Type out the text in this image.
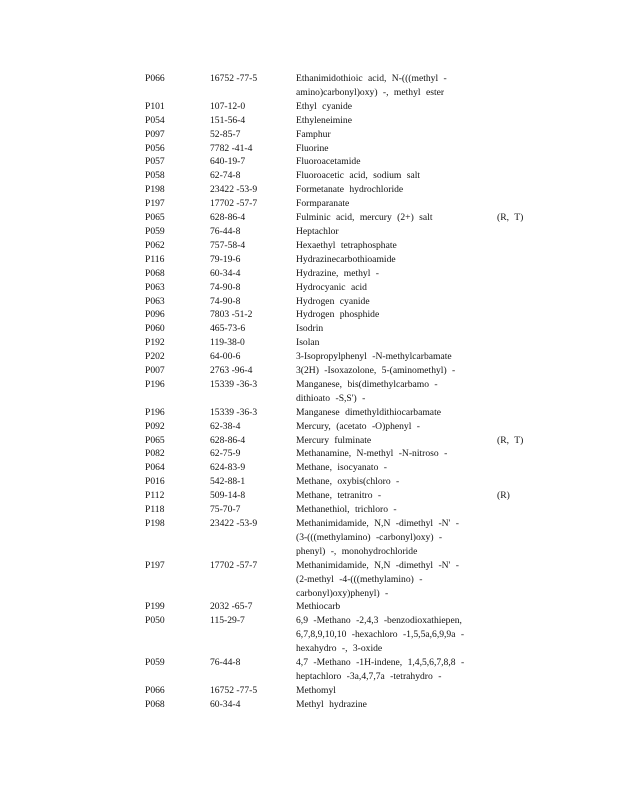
P066	16752 -77-5	Ethanimidothioic acid, N-(((methyl -
amino)carbonyl)oxy) -, methyl ester
P101	107-12-0	Ethyl cyanide
P054	151-56-4	Ethyleneimine
P097	52-85-7	Famphur
P056	7782 -41-4	Fluorine
P057	640-19-7	Fluoroacetamide
P058	62-74-8	Fluoroacetic acid, sodium salt
P198	23422 -53-9	Formetanate hydrochloride
P197	17702 -57-7	Formparanate
P065	628-86-4	Fulminic acid, mercury (2+) salt	(R, T)
P059	76-44-8	Heptachlor
P062	757-58-4	Hexaethyl tetraphosphate
P116	79-19-6	Hydrazinecarbothioamide
P068	60-34-4	Hydrazine, methyl -
P063	74-90-8	Hydrocyanic acid
P063	74-90-8	Hydrogen cyanide
P096	7803 -51-2	Hydrogen phosphide
P060	465-73-6	Isodrin
P192	119-38-0	Isolan
P202	64-00-6	3-Isopropylphenyl -N-methylcarbamate
P007	2763 -96-4	3(2H) -Isoxazolone, 5-(aminomethyl) -
P196	15339 -36-3	Manganese, bis(dimethylcarbamo -
dithioato -S,S') -
P196	15339 -36-3	Manganese dimethyldithiocarbamate
P092	62-38-4	Mercury, (acetato -O)phenyl -
P065	628-86-4	Mercury fulminate	(R, T)
P082	62-75-9	Methanamine, N-methyl -N-nitroso -
P064	624-83-9	Methane, isocyanato -
P016	542-88-1	Methane, oxybis(chloro -
P112	509-14-8	Methane, tetranitro -	(R)
P118	75-70-7	Methanethiol, trichloro -
P198	23422 -53-9	Methanimidamide, N,N -dimethyl -N' -
(3-(((methylamino) -carbonyl)oxy) -
phenyl) -, monohydrochloride
P197	17702 -57-7	Methanimidamide, N,N -dimethyl -N' -
(2-methyl -4-(((methylamino) -
carbonyl)oxy)phenyl) -
P199	2032 -65-7	Methiocarb
P050	115-29-7	6,9 -Methano -2,4,3 -benzodioxathiepen,
6,7,8,9,10,10 -hexachloro -1,5,5a,6,9,9a -
hexahydro -, 3-oxide
P059	76-44-8	4,7 -Methano -1H-indene, 1,4,5,6,7,8,8 -
heptachloro -3a,4,7,7a -tetrahydro -
P066	16752 -77-5	Methomyl
P068	60-34-4	Methyl hydrazine
